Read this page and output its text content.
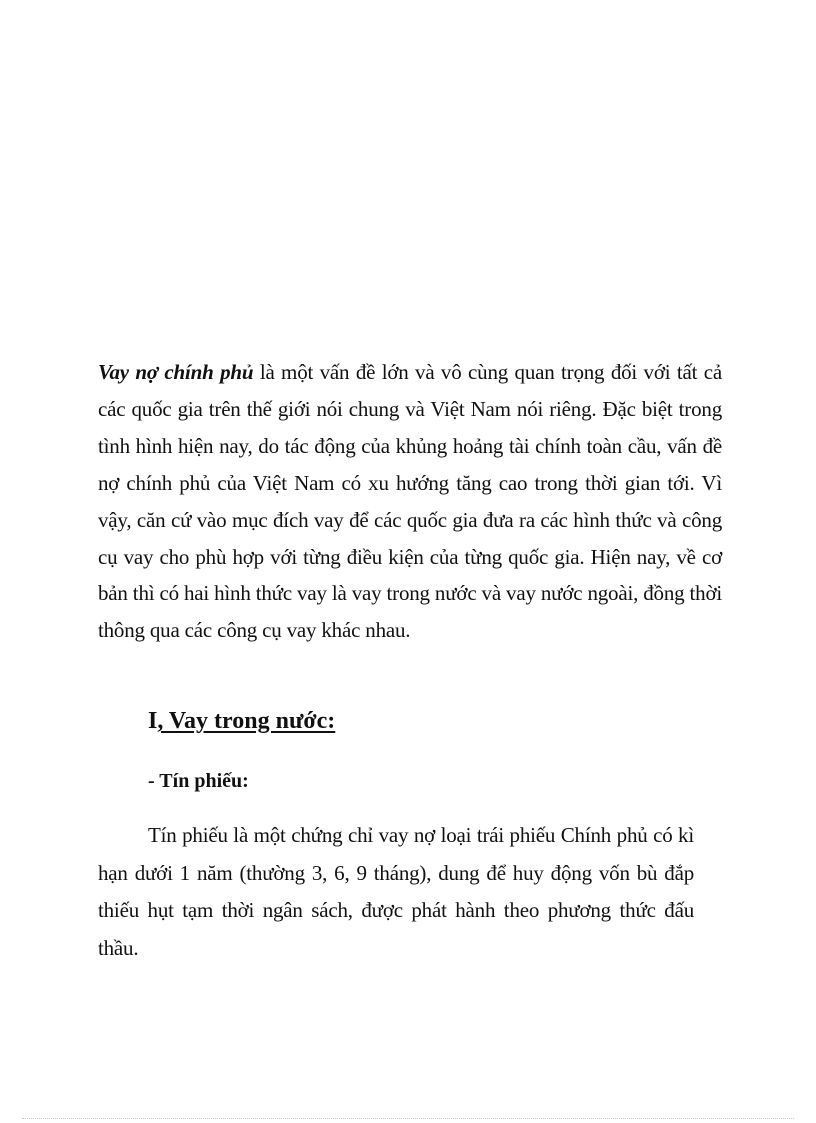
Vay nợ chính phủ là một vấn đề lớn và vô cùng quan trọng đối với tất cả các quốc gia trên thế giới nói chung và Việt Nam nói riêng. Đặc biệt trong tình hình hiện nay, do tác động của khủng hoảng tài chính toàn cầu, vấn đề nợ chính phủ của Việt Nam có xu hướng tăng cao trong thời gian tới. Vì vậy, căn cứ vào mục đích vay để các quốc gia đưa ra các hình thức và công cụ vay cho phù hợp với từng điều kiện của từng quốc gia. Hiện nay, về cơ bản thì có hai hình thức vay là vay trong nước và vay nước ngoài, đồng thời thông qua các công cụ vay khác nhau.

I, Vay trong nước:
- Tín phiếu:

Tín phiếu là một chứng chỉ vay nợ loại trái phiếu Chính phủ có kì hạn dưới 1 năm (thường 3, 6, 9 tháng), dung để huy động vốn bù đắp thiếu hụt tạm thời ngân sách, được phát hành theo phương thức đấu thầu.
